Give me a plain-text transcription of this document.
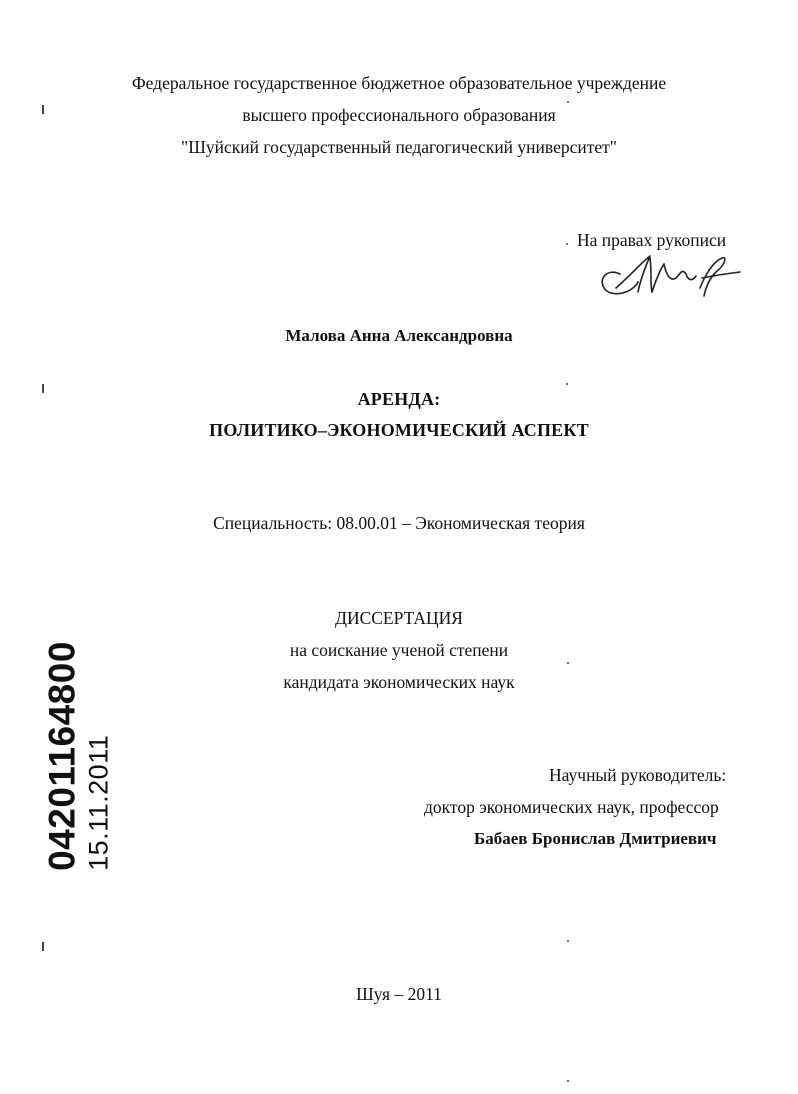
Федеральное государственное бюджетное образовательное учреждение
высшего профессионального образования
"Шуйский государственный педагогический университет"
На правах рукописи
Малова Анна Александровна
АРЕНДА:
ПОЛИТИКО–ЭКОНОМИЧЕСКИЙ АСПЕКТ
Специальность: 08.00.01 – Экономическая теория
ДИССЕРТАЦИЯ
на соискание ученой степени
кандидата экономических наук
Научный руководитель:
доктор экономических наук, профессор
Бабаев Бронислав Дмитриевич
Шуя – 2011
04201164800 15.11.2011
